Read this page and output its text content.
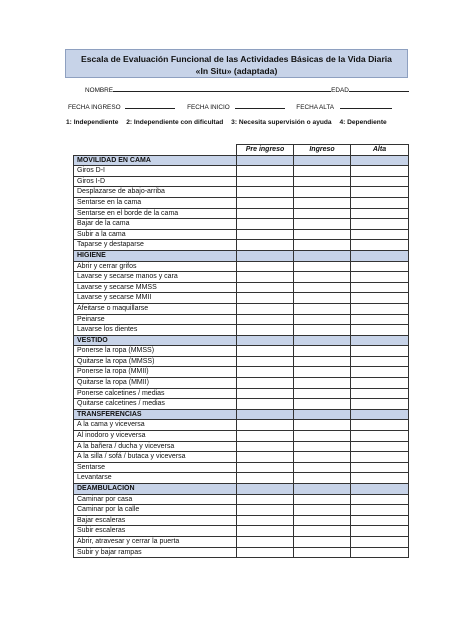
Escala de Evaluación Funcional de las Actividades Básicas de la Vida Diaria
«In Situ» (adaptada)
NOMBRE	EDAD
FECHA INGRESO	FECHA INICIO	FECHA ALTA
1: Independiente 2: Independiente con dificultad 3: Necesita supervisión o ayuda 4: Dependiente
	Pre ingreso	Ingreso	Alta
MOVILIDAD EN CAMA			
Giros D-I			
Giros I-D			
Desplazarse de abajo-arriba			
Sentarse en la cama			
Sentarse en el borde de la cama			
Bajar de la cama			
Subir a la cama			
Taparse y destaparse			
HIGIENE			
Abrir y cerrar grifos			
Lavarse y secarse manos y cara			
Lavarse y secarse MMSS			
Lavarse y secarse MMII			
Afeitarse o maquillarse			
Peinarse			
Lavarse los dientes			
VESTIDO			
Ponerse la ropa (MMSS)			
Quitarse la ropa (MMSS)			
Ponerse la ropa (MMII)			
Quitarse la ropa (MMII)			
Ponerse calcetines / medias			
Quitarse calcetines / medias			
TRANSFERENCIAS			
A la cama y viceversa			
Al inodoro y viceversa			
A la bañera / ducha y viceversa			
A la silla / sofá / butaca y viceversa			
Sentarse			
Levantarse			
DEAMBULACIÓN			
Caminar por casa			
Caminar por la calle			
Bajar escaleras			
Subir escaleras			
Abrir, atravesar y cerrar la puerta			
Subir y bajar rampas			
